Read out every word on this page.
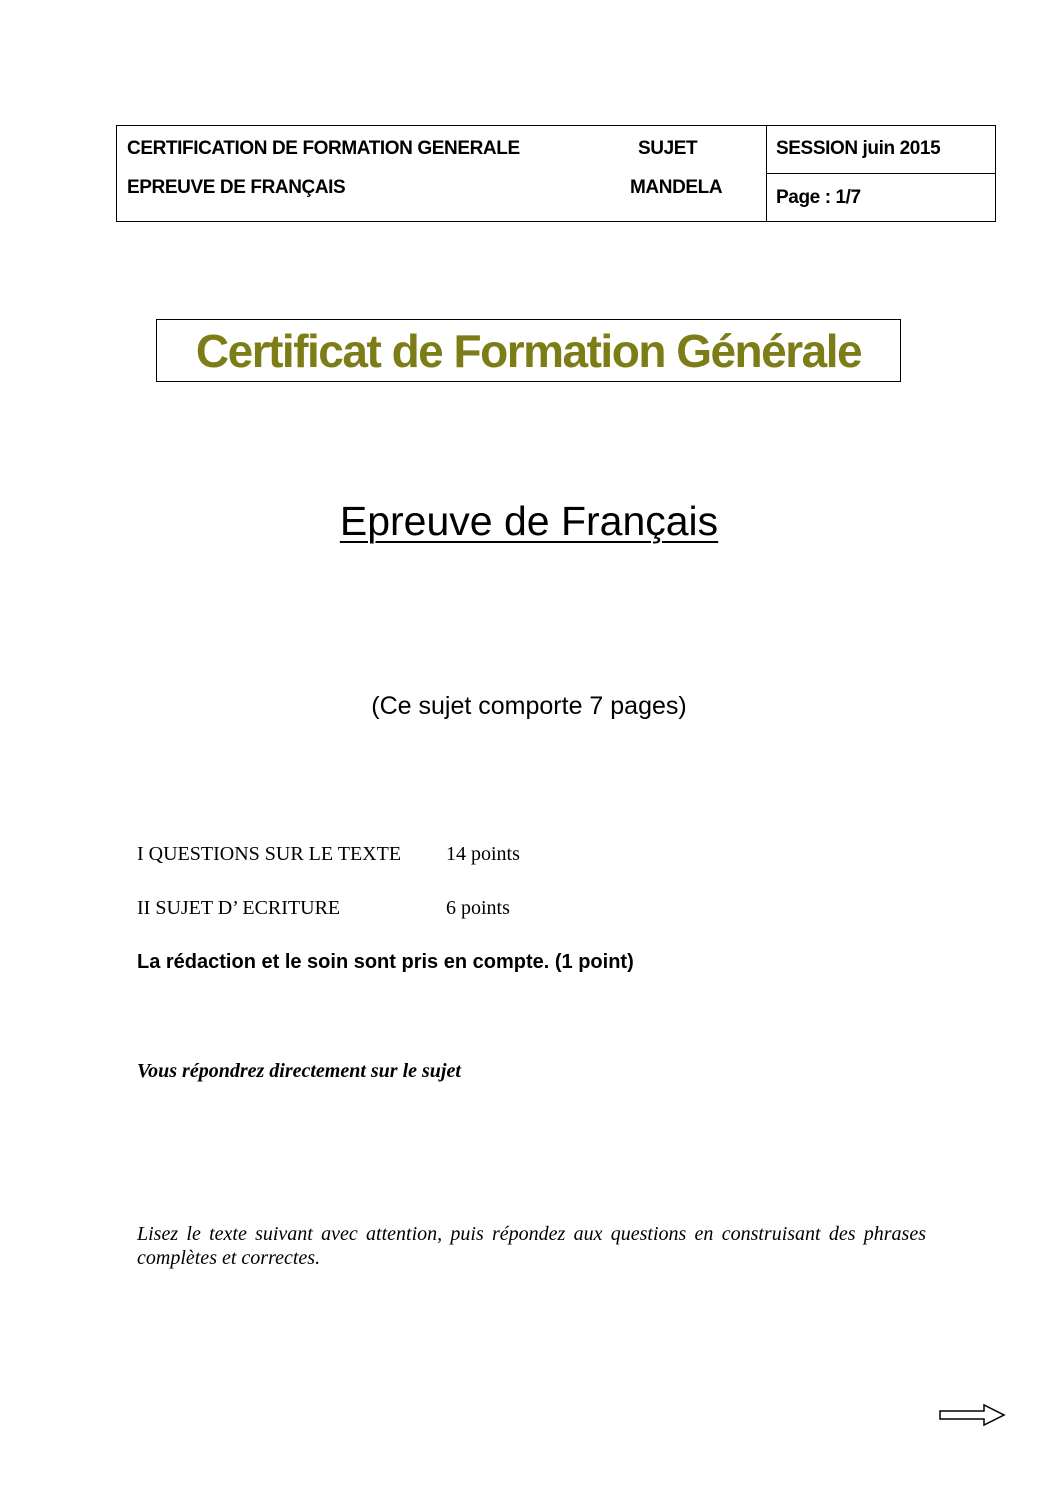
CERTIFICATION DE FORMATION GENERALE	SUJET	SESSION juin 2015
EPREUVE DE FRANÇAIS	MANDELA	Page : 1/7
Certificat de Formation Générale
Epreuve de Français
(Ce sujet comporte 7 pages)
I QUESTIONS SUR LE TEXTE 14 points
II SUJET D’ ECRITURE	6 points
La rédaction et le soin sont pris en compte. (1 point)
Vous répondrez directement sur le sujet
Lisez le texte suivant avec attention, puis répondez aux questions en construisant des phrases complètes et correctes.
